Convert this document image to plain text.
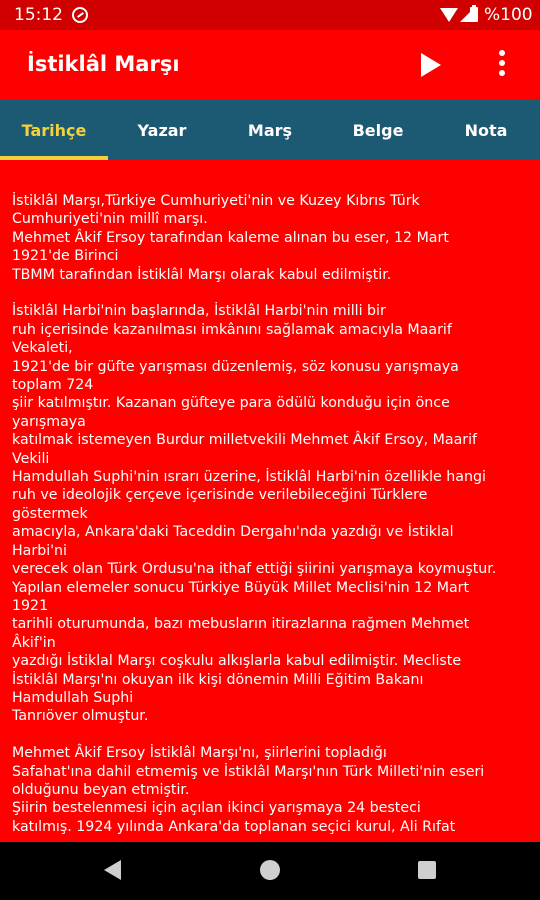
15:12	%100
İstiklâl Marşı
Tarihçe	Yazar	Marş	Belge	Nota

İstiklâl Marşı,Türkiye Cumhuriyeti'nin ve Kuzey Kıbrıs Türk
Cumhuriyeti'nin millî marşı.
Mehmet Âkif Ersoy tarafından kaleme alınan bu eser, 12 Mart
1921'de Birinci
TBMM tarafından İstiklâl Marşı olarak kabul edilmiştir.

İstiklâl Harbi'nin başlarında, İstiklâl Harbi'nin milli bir
ruh içerisinde kazanılması imkânını sağlamak amacıyla Maarif
Vekaleti,
1921'de bir güfte yarışması düzenlemiş, söz konusu yarışmaya
toplam 724
şiir katılmıştır. Kazanan güfteye para ödülü konduğu için önce
yarışmaya
katılmak istemeyen Burdur milletvekili Mehmet Âkif Ersoy, Maarif
Vekili
Hamdullah Suphi'nin ısrarı üzerine, İstiklâl Harbi'nin özellikle hangi
ruh ve ideolojik çerçeve içerisinde verilebileceğini Türklere
göstermek
amacıyla, Ankara'daki Taceddin Dergahı'nda yazdığı ve İstiklal
Harbi'ni
verecek olan Türk Ordusu'na ithaf ettiği şiirini yarışmaya koymuştur.
Yapılan elemeler sonucu Türkiye Büyük Millet Meclisi'nin 12 Mart
1921
tarihli oturumunda, bazı mebusların itirazlarına rağmen Mehmet
Âkif'in
yazdığı İstiklal Marşı coşkulu alkışlarla kabul edilmiştir. Mecliste
İstiklâl Marşı'nı okuyan ilk kişi dönemin Milli Eğitim Bakanı
Hamdullah Suphi
Tanrıöver olmuştur.

Mehmet Âkif Ersoy İstiklâl Marşı'nı, şiirlerini topladığı
Safahat'ına dahil etmemiş ve İstiklâl Marşı'nın Türk Milleti'nin eseri
olduğunu beyan etmiştir.
Şiirin bestelenmesi için açılan ikinci yarışmaya 24 besteci
katılmış. 1924 yılında Ankara'da toplanan seçici kurul, Ali Rıfat
